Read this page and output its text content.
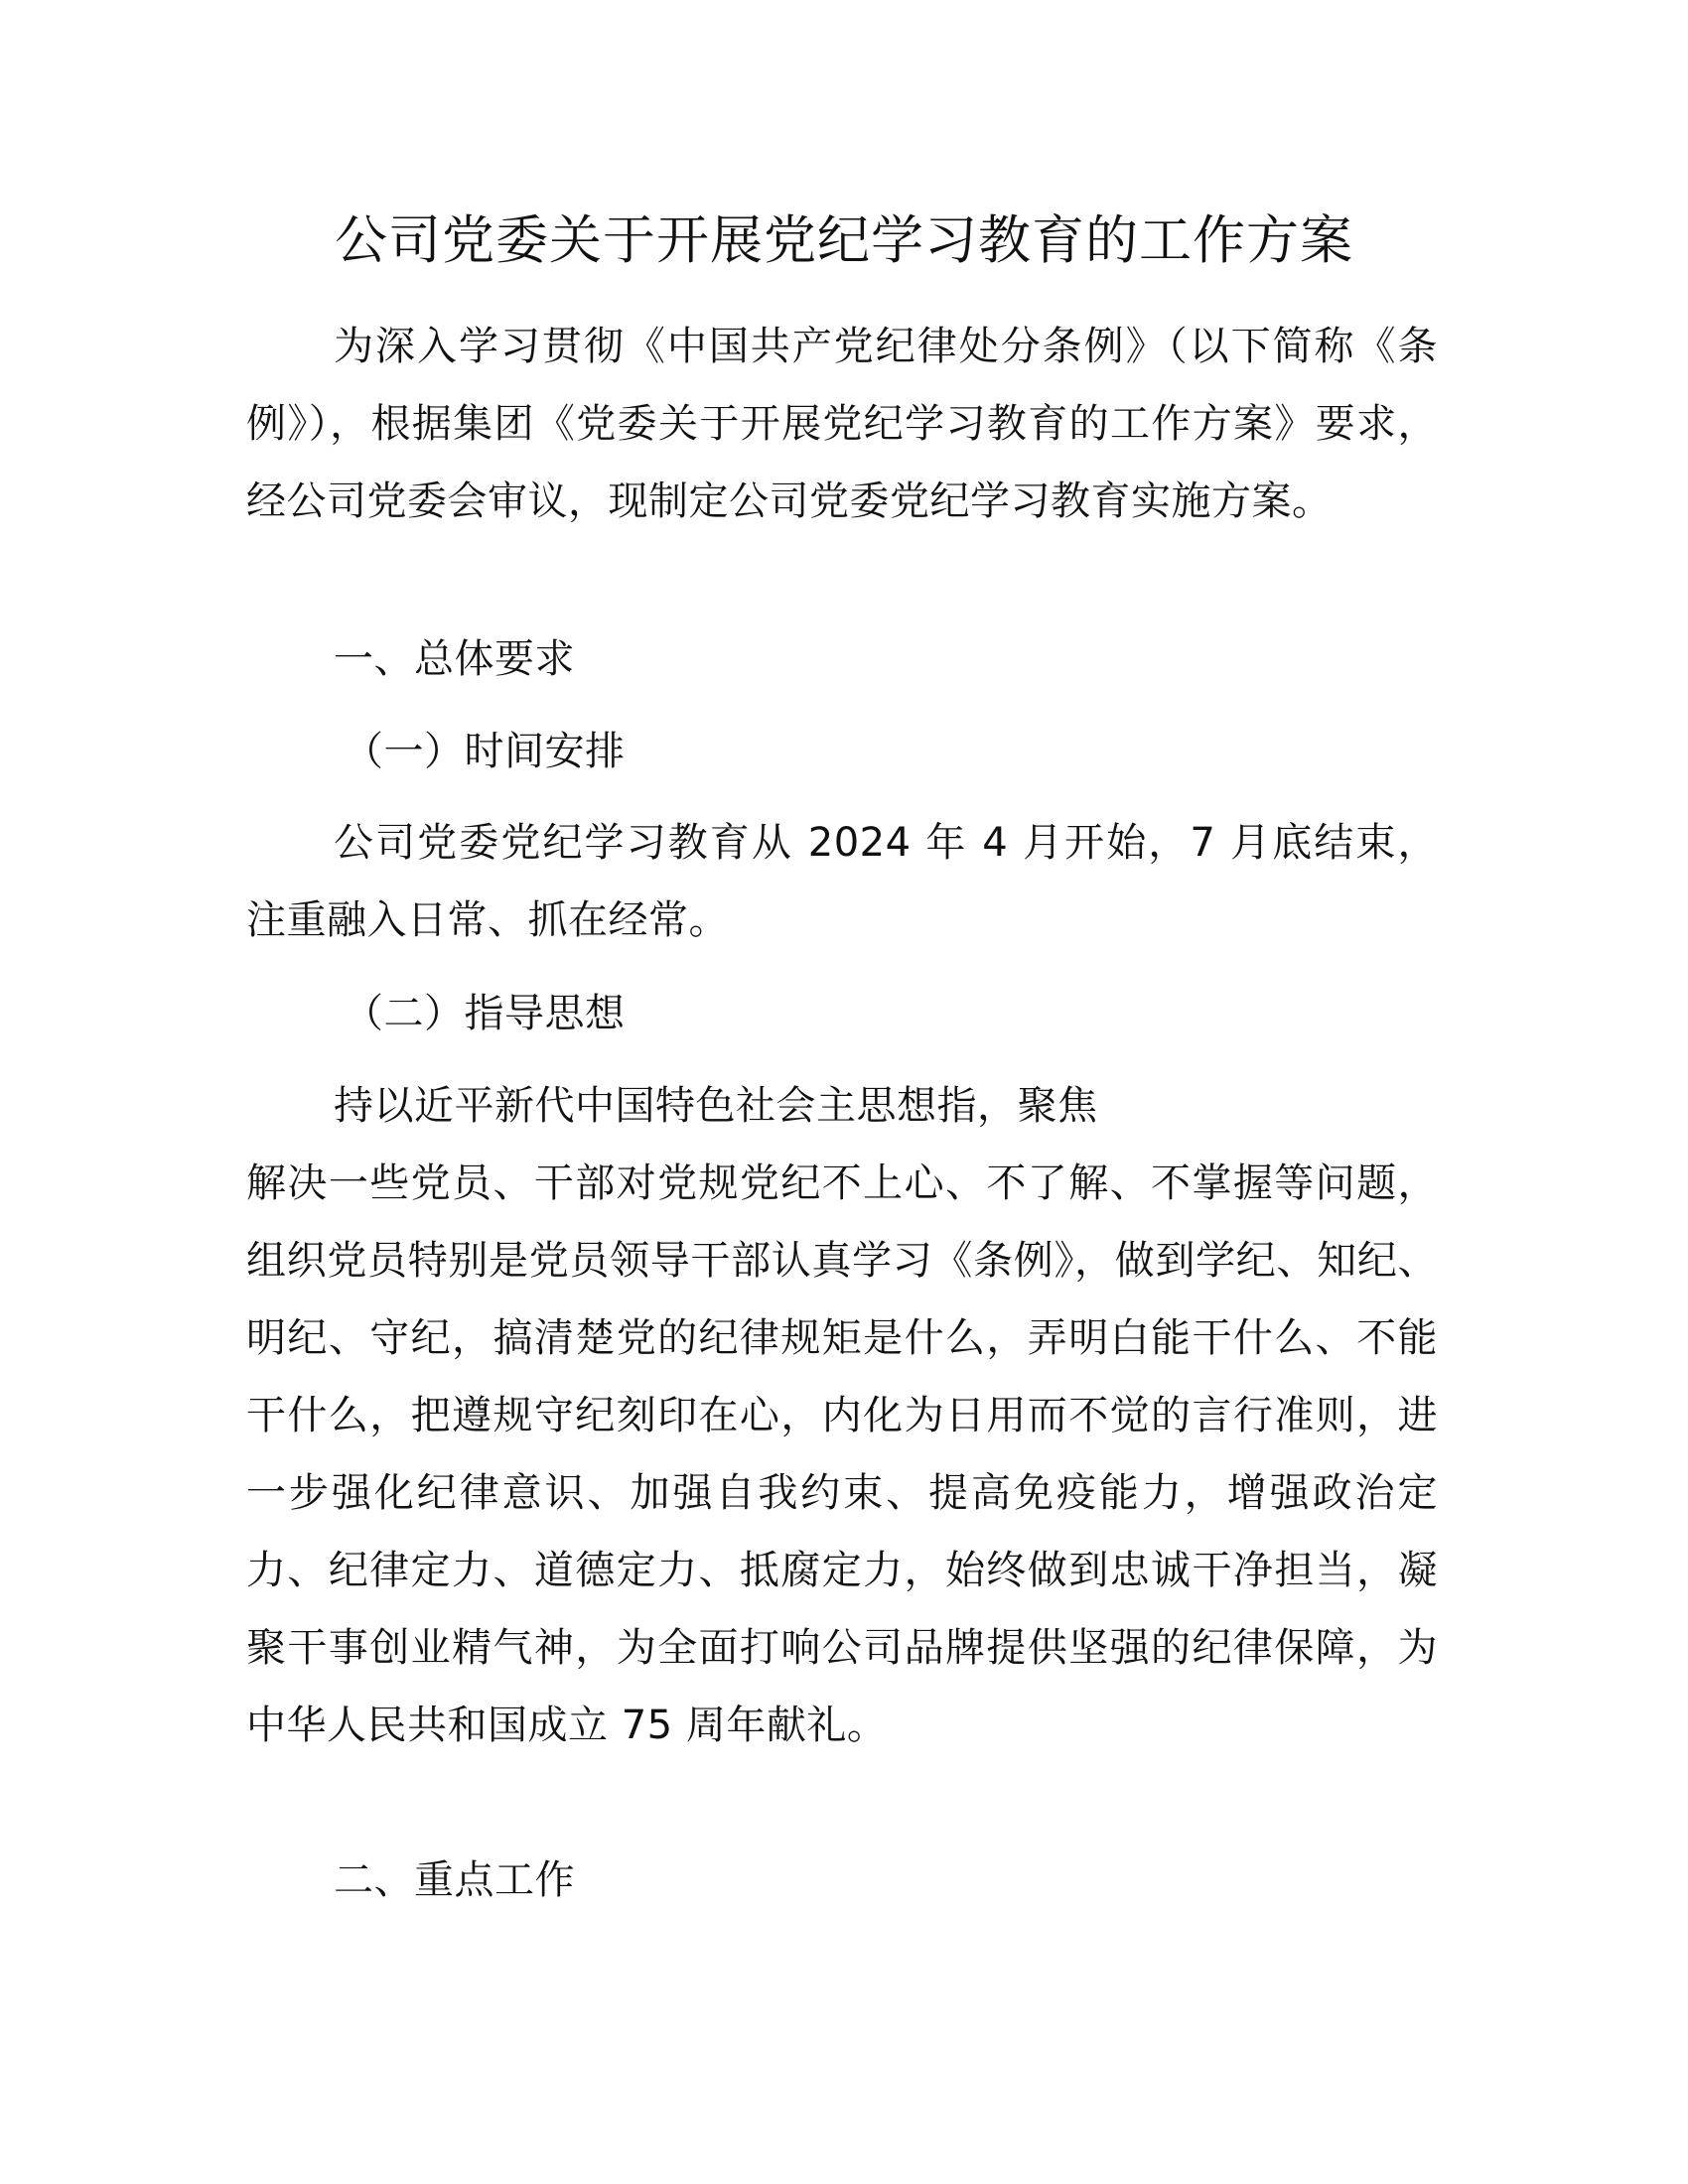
公司党委关于开展党纪学习教育的工作方案

为深入学习贯彻《中国共产党纪律处分条例》（以下简称《条例》），根据集团《党委关于开展党纪学习教育的工作方案》要求，经公司党委会审议，现制定公司党委党纪学习教育实施方案。

一、总体要求
（一）时间安排

公司党委党纪学习教育从 2024 年 4 月开始，7 月底结束，注重融入日常、抓在经常。

（二）指导思想

持以近平新代中国特色社会主思想指，聚焦

解决一些党员、干部对党规党纪不上心、不了解、不掌握等问题，组织党员特别是党员领导干部认真学习《条例》，做到学纪、知纪、明纪、守纪，搞清楚党的纪律规矩是什么，弄明白能干什么、不能干什么，把遵规守纪刻印在心，内化为日用而不觉的言行准则，进一步强化纪律意识、加强自我约束、提高免疫能力，增强政治定力、纪律定力、道德定力、抵腐定力，始终做到忠诚干净担当，凝聚干事创业精气神，为全面打响公司品牌提供坚强的纪律保障，为中华人民共和国成立 75 周年献礼。

二、重点工作
